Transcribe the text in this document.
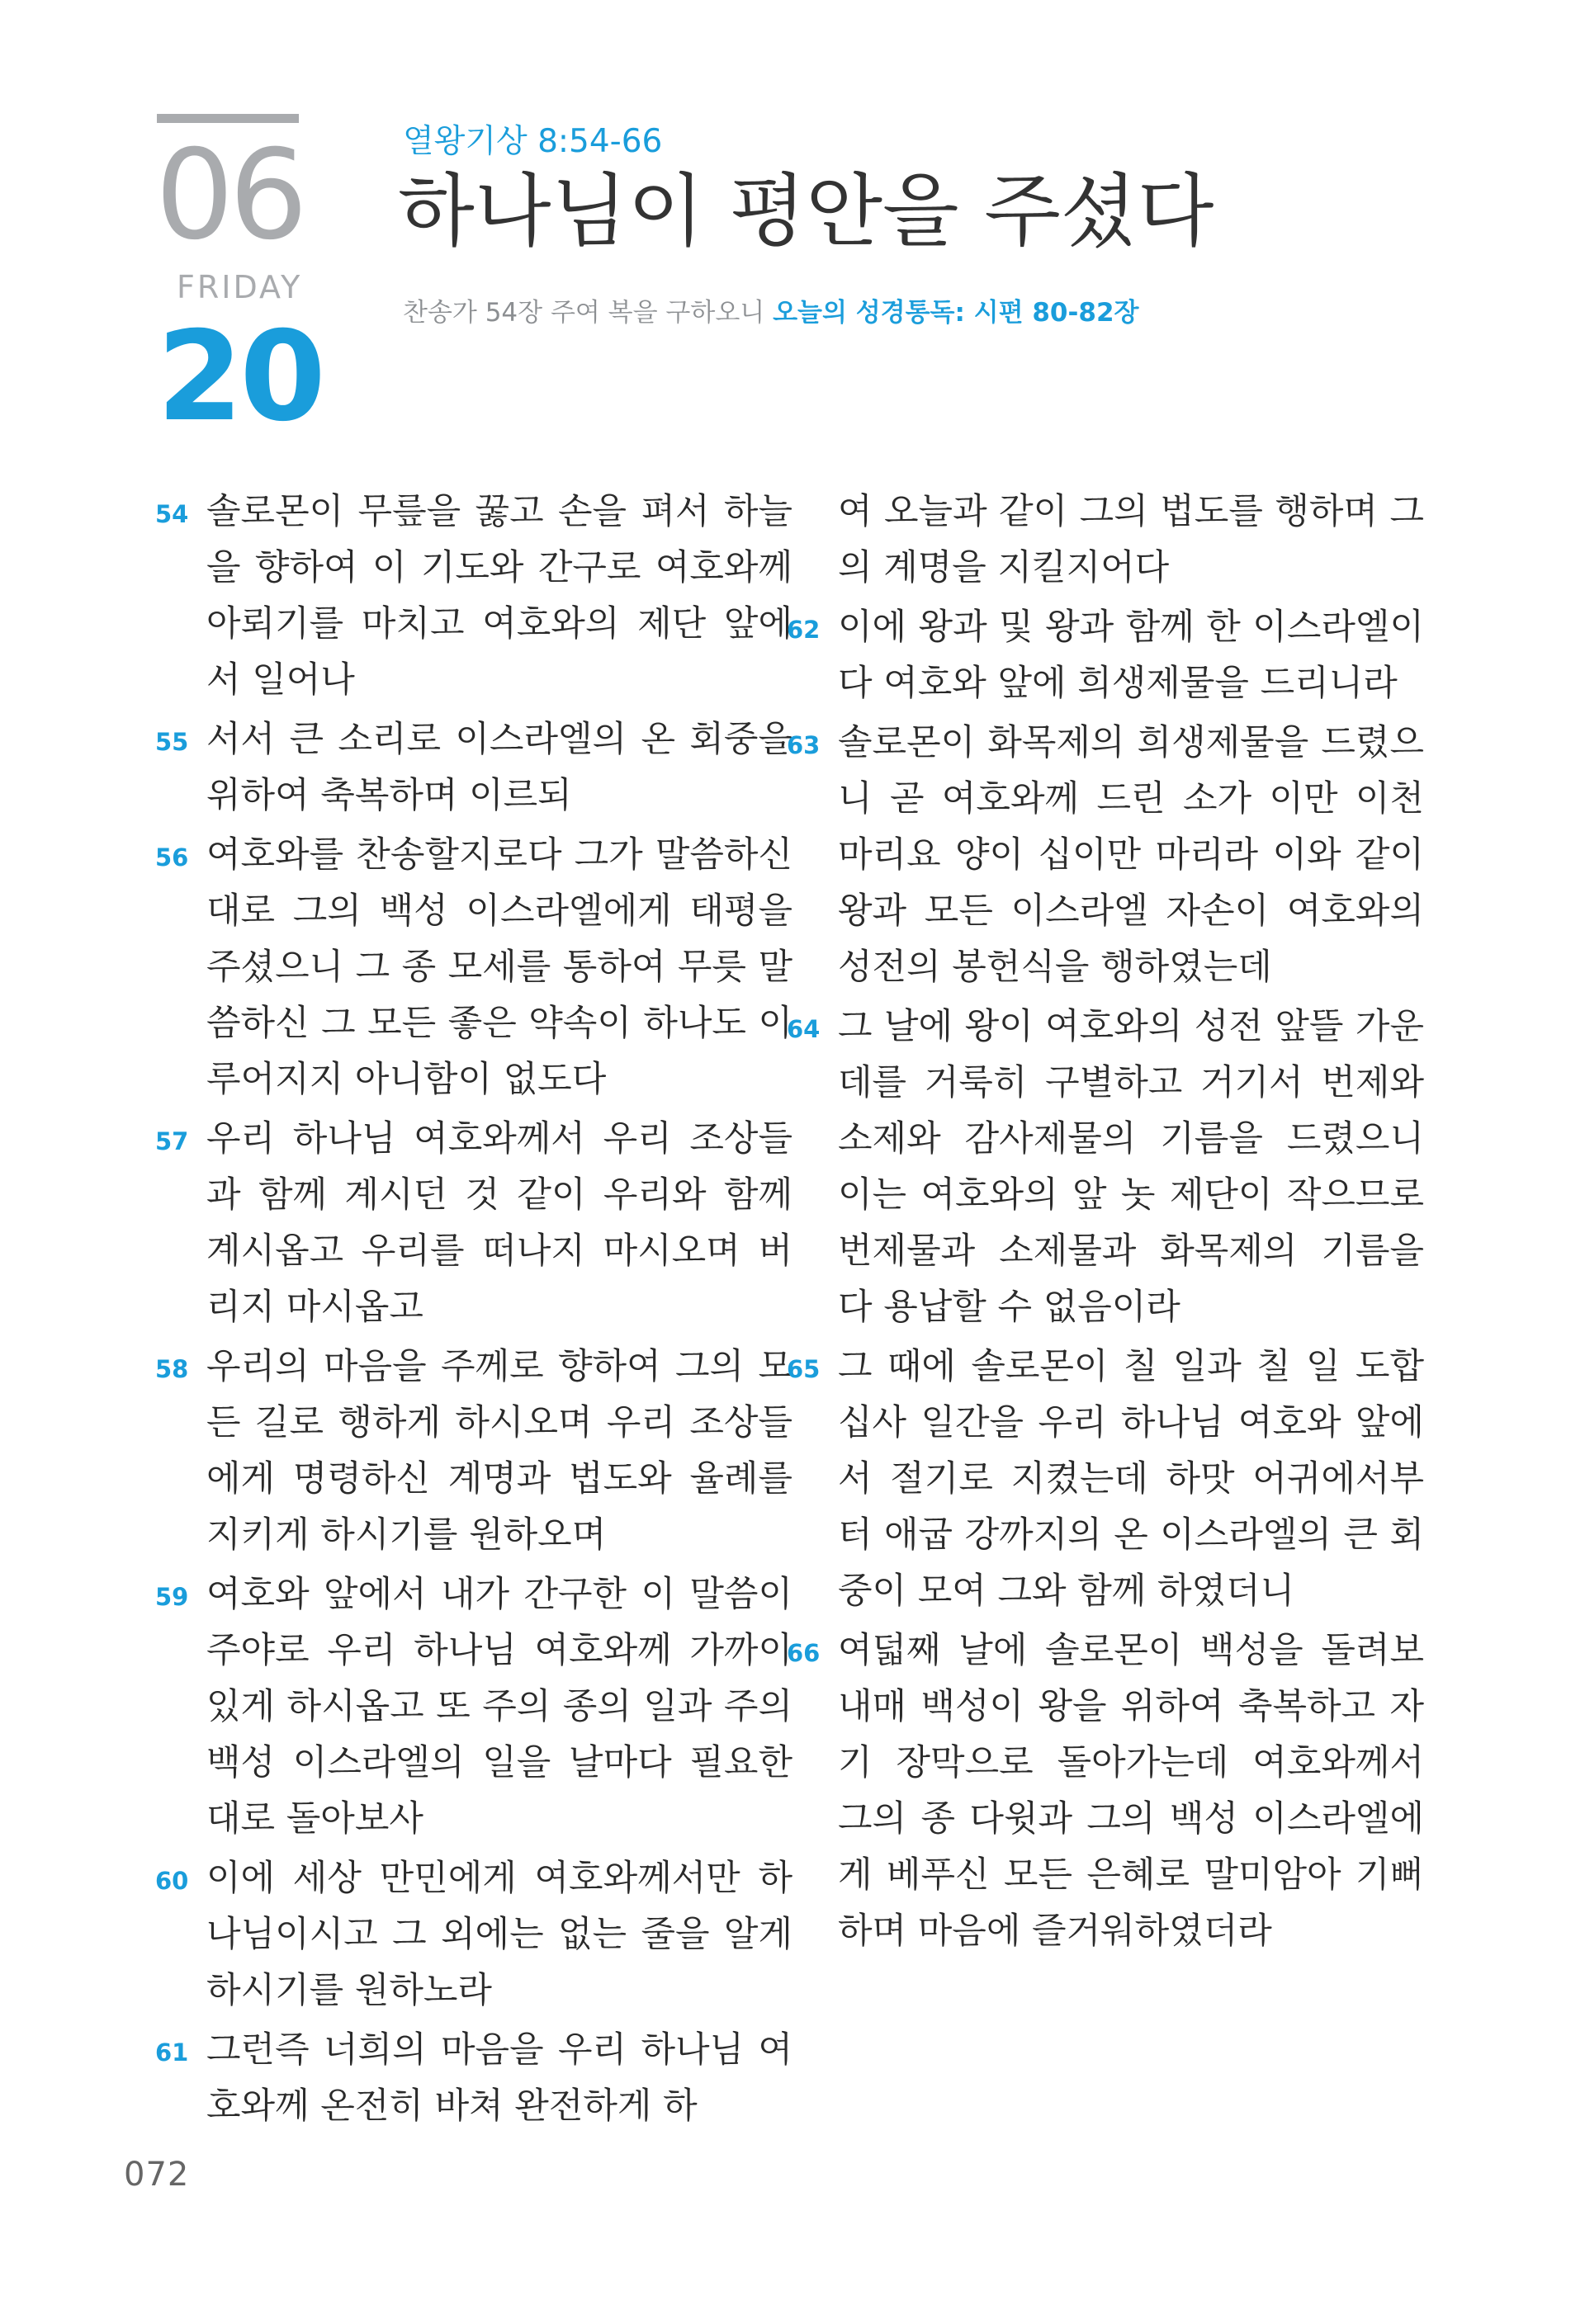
06
FRIDAY
20
열왕기상 8:54-66
하나님이 평안을 주셨다
찬송가 54장 주여 복을 구하오니 오늘의 성경통독: 시편 80-82장

54 솔로몬이 무릎을 꿇고 손을 펴서 하늘을 향하여 이 기도와 간구로 여호와께 아뢰기를 마치고 여호와의 제단 앞에서 일어나

55 서서 큰 소리로 이스라엘의 온 회중을 위하여 축복하며 이르되

56 여호와를 찬송할지로다 그가 말씀하신 대로 그의 백성 이스라엘에게 태평을 주셨으니 그 종 모세를 통하여 무릇 말씀하신 그 모든 좋은 약속이 하나도 이루어지지 아니함이 없도다

57 우리 하나님 여호와께서 우리 조상들과 함께 계시던 것 같이 우리와 함께 계시옵고 우리를 떠나지 마시오며 버리지 마시옵고

58 우리의 마음을 주께로 향하여 그의 모든 길로 행하게 하시오며 우리 조상들에게 명령하신 계명과 법도와 율례를 지키게 하시기를 원하오며

59 여호와 앞에서 내가 간구한 이 말씀이 주야로 우리 하나님 여호와께 가까이 있게 하시옵고 또 주의 종의 일과 주의 백성 이스라엘의 일을 날마다 필요한 대로 돌아보사

60 이에 세상 만민에게 여호와께서만 하나님이시고 그 외에는 없는 줄을 알게 하시기를 원하노라

61 그런즉 너희의 마음을 우리 하나님 여호와께 온전히 바쳐 완전하게 하

여 오늘과 같이 그의 법도를 행하며 그의 계명을 지킬지어다

62 이에 왕과 및 왕과 함께 한 이스라엘이 다 여호와 앞에 희생제물을 드리니라

63 솔로몬이 화목제의 희생제물을 드렸으니 곧 여호와께 드린 소가 이만 이천 마리요 양이 십이만 마리라 이와 같이 왕과 모든 이스라엘 자손이 여호와의 성전의 봉헌식을 행하였는데

64 그 날에 왕이 여호와의 성전 앞뜰 가운데를 거룩히 구별하고 거기서 번제와 소제와 감사제물의 기름을 드렸으니 이는 여호와의 앞 놋 제단이 작으므로 번제물과 소제물과 화목제의 기름을 다 용납할 수 없음이라

65 그 때에 솔로몬이 칠 일과 칠 일 도합 십사 일간을 우리 하나님 여호와 앞에서 절기로 지켰는데 하맛 어귀에서부터 애굽 강까지의 온 이스라엘의 큰 회중이 모여 그와 함께 하였더니

66 여덟째 날에 솔로몬이 백성을 돌려보내매 백성이 왕을 위하여 축복하고 자기 장막으로 돌아가는데 여호와께서 그의 종 다윗과 그의 백성 이스라엘에게 베푸신 모든 은혜로 말미암아 기뻐하며 마음에 즐거워하였더라

072
